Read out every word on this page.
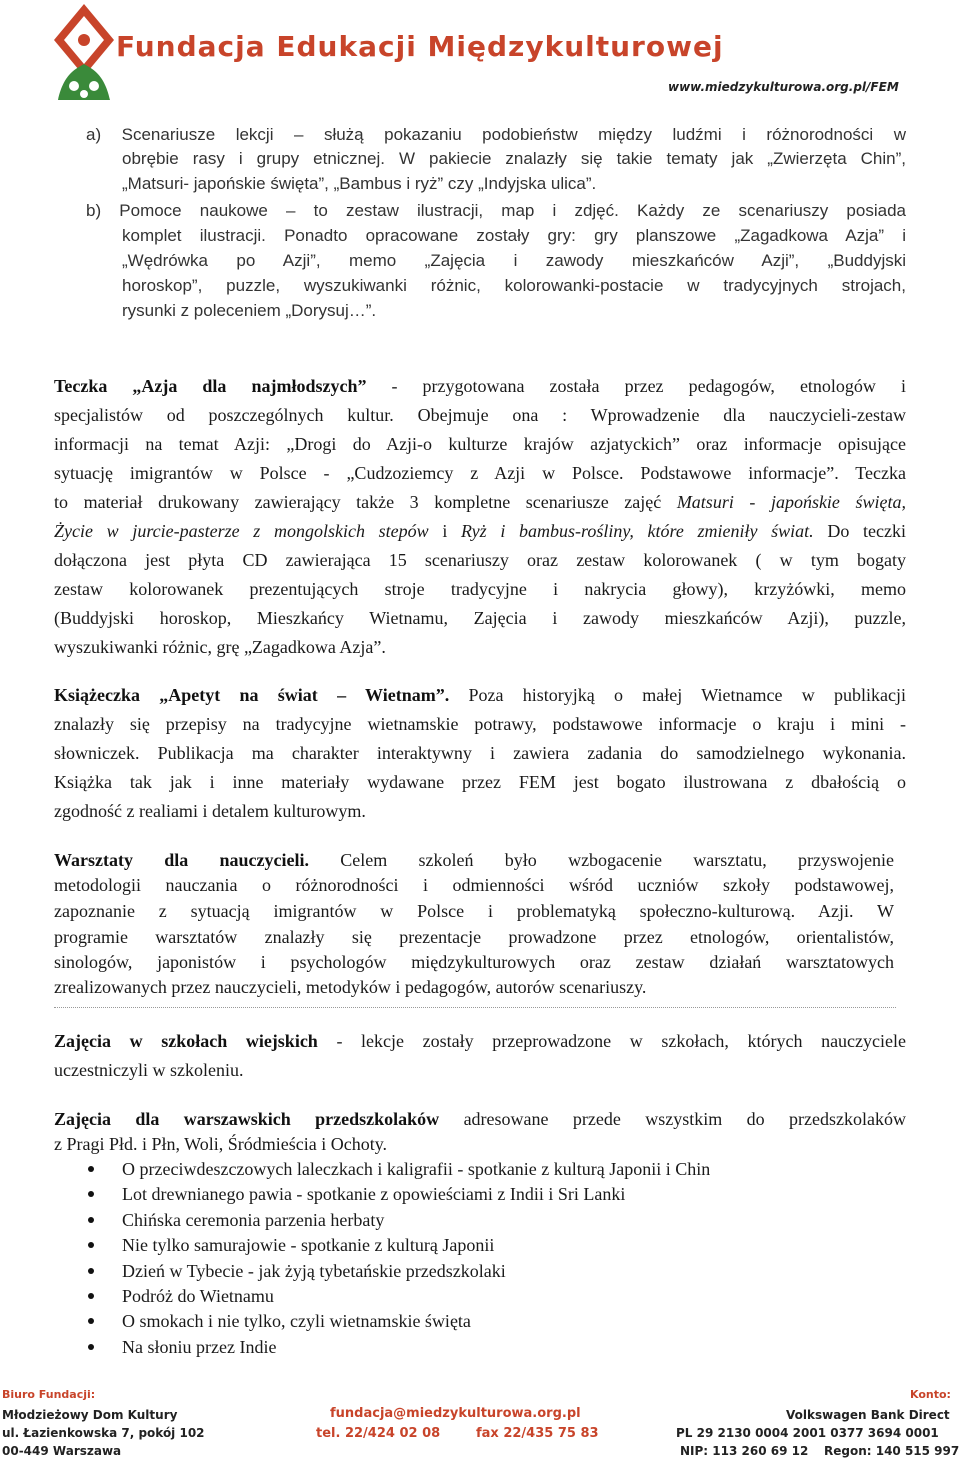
Fundacja Edukacji Międzykulturowej
www.miedzykulturowa.org.pl/FEM
a) Scenariusze lekcji – służą pokazaniu podobieństw między ludźmi i różnorodności w
obrębie rasy i grupy etnicznej. W pakiecie znalazły się takie tematy jak „Zwierzęta Chin”,
„Matsuri- japońskie święta”, „Bambus i ryż” czy „Indyjska ulica”.
b) Pomoce naukowe – to zestaw ilustracji, map i zdjęć. Każdy ze scenariuszy posiada
komplet ilustracji. Ponadto opracowane zostały gry: gry planszowe „Zagadkowa Azja” i
„Wędrówka po Azji”, memo „Zajęcia i zawody mieszkańców Azji”, „Buddyjski
horoskop”, puzzle, wyszukiwanki różnic, kolorowanki-postacie w tradycyjnych strojach,
rysunki z poleceniem „Dorysuj…”.
Teczka „Azja dla najmłodszych” - przygotowana została przez pedagogów, etnologów i
specjalistów od poszczególnych kultur. Obejmuje ona : Wprowadzenie dla nauczycieli-zestaw
informacji na temat Azji: „Drogi do Azji-o kulturze krajów azjatyckich” oraz informacje opisujące
sytuację imigrantów w Polsce - „Cudzoziemcy z Azji w Polsce. Podstawowe informacje”. Teczka
to materiał drukowany zawierający także 3 kompletne scenariusze zajęć Matsuri - japońskie święta,
Życie w jurcie-pasterze z mongolskich stepów i Ryż i bambus-rośliny, które zmieniły świat. Do teczki
dołączona jest płyta CD zawierająca 15 scenariuszy oraz zestaw kolorowanek ( w tym bogaty
zestaw kolorowanek prezentujących stroje tradycyjne i nakrycia głowy), krzyżówki, memo
(Buddyjski horoskop, Mieszkańcy Wietnamu, Zajęcia i zawody mieszkańców Azji), puzzle,
wyszukiwanki różnic, grę „Zagadkowa Azja”.
Książeczka „Apetyt na świat – Wietnam”. Poza historyjką o małej Wietnamce w publikacji
znalazły się przepisy na tradycyjne wietnamskie potrawy, podstawowe informacje o kraju i mini -
słowniczek. Publikacja ma charakter interaktywny i zawiera zadania do samodzielnego wykonania.
Książka tak jak i inne materiały wydawane przez FEM jest bogato ilustrowana z dbałością o
zgodność z realiami i detalem kulturowym.
Warsztaty dla nauczycieli. Celem szkoleń było wzbogacenie warsztatu, przyswojenie
metodologii nauczania o różnorodności i odmienności wśród uczniów szkoły podstawowej,
zapoznanie z sytuacją imigrantów w Polsce i problematyką społeczno-kulturową. Azji. W
programie warsztatów znalazły się prezentacje prowadzone przez etnologów, orientalistów,
sinologów, japonistów i psychologów międzykulturowych oraz zestaw działań warsztatowych
zrealizowanych przez nauczycieli, metodyków i pedagogów, autorów scenariuszy.
Zajęcia w szkołach wiejskich - lekcje zostały przeprowadzone w szkołach, których nauczyciele
uczestniczyli w szkoleniu.
Zajęcia dla warszawskich przedszkolaków adresowane przede wszystkim do przedszkolaków
z Pragi Płd. i Płn, Woli, Śródmieścia i Ochoty.
O przeciwdeszczowych laleczkach i kaligrafii - spotkanie z kulturą Japonii i Chin
Lot drewnianego pawia - spotkanie z opowieściami z Indii i Sri Lanki
Chińska ceremonia parzenia herbaty
Nie tylko samurajowie - spotkanie z kulturą Japonii
Dzień w Tybecie - jak żyją tybetańskie przedszkolaki
Podróż do Wietnamu
O smokach i nie tylko, czyli wietnamskie święta
Na słoniu przez Indie
Biuro Fundacji:
Młodzieżowy Dom Kultury
ul. Łazienkowska 7, pokój 102
00-449 Warszawa
fundacja@miedzykulturowa.org.pl
tel. 22/424 02 08	fax 22/435 75 83
Konto:
Volkswagen Bank Direct
PL 29 2130 0004 2001 0377 3694 0001
NIP: 113 260 69 12 Regon: 140 515 997
